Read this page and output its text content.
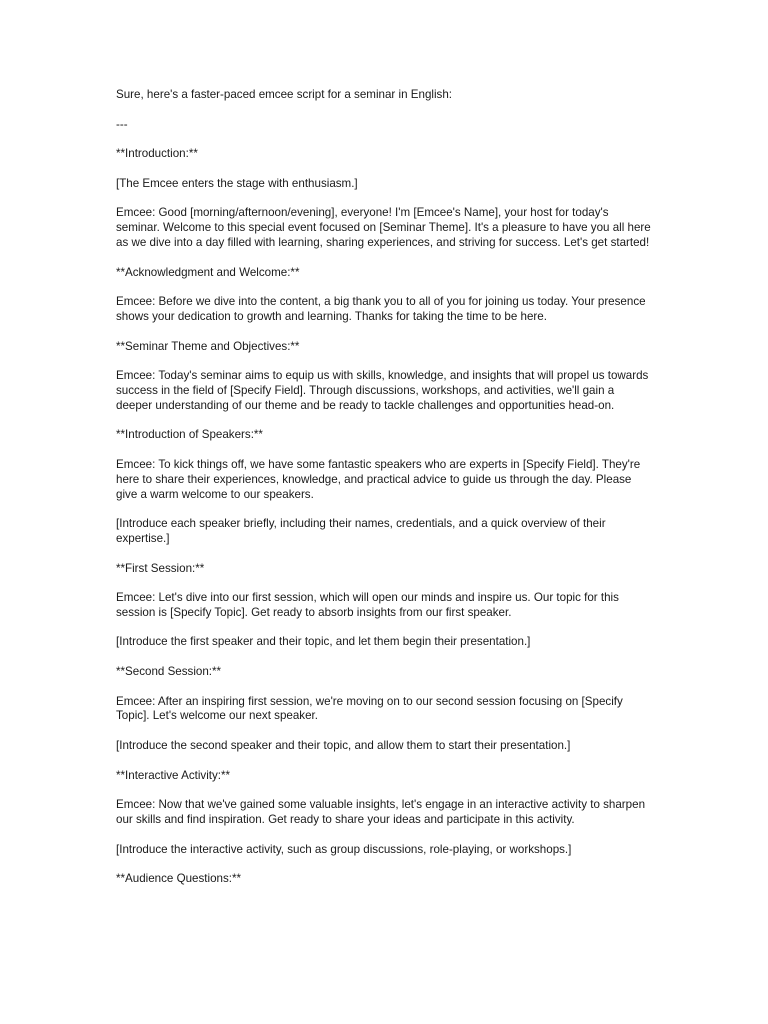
Sure, here's a faster-paced emcee script for a seminar in English:

---

**Introduction:**

[The Emcee enters the stage with enthusiasm.]

Emcee: Good [morning/afternoon/evening], everyone! I'm [Emcee's Name], your host for today's seminar. Welcome to this special event focused on [Seminar Theme]. It's a pleasure to have you all here as we dive into a day filled with learning, sharing experiences, and striving for success. Let's get started!

**Acknowledgment and Welcome:**

Emcee: Before we dive into the content, a big thank you to all of you for joining us today. Your presence shows your dedication to growth and learning. Thanks for taking the time to be here.

**Seminar Theme and Objectives:**

Emcee: Today's seminar aims to equip us with skills, knowledge, and insights that will propel us towards success in the field of [Specify Field]. Through discussions, workshops, and activities, we'll gain a deeper understanding of our theme and be ready to tackle challenges and opportunities head-on.

**Introduction of Speakers:**

Emcee: To kick things off, we have some fantastic speakers who are experts in [Specify Field]. They're here to share their experiences, knowledge, and practical advice to guide us through the day. Please give a warm welcome to our speakers.

[Introduce each speaker briefly, including their names, credentials, and a quick overview of their expertise.]

**First Session:**

Emcee: Let's dive into our first session, which will open our minds and inspire us. Our topic for this session is [Specify Topic]. Get ready to absorb insights from our first speaker.

[Introduce the first speaker and their topic, and let them begin their presentation.]

**Second Session:**

Emcee: After an inspiring first session, we're moving on to our second session focusing on [Specify Topic]. Let's welcome our next speaker.

[Introduce the second speaker and their topic, and allow them to start their presentation.]

**Interactive Activity:**

Emcee: Now that we've gained some valuable insights, let's engage in an interactive activity to sharpen our skills and find inspiration. Get ready to share your ideas and participate in this activity.

[Introduce the interactive activity, such as group discussions, role-playing, or workshops.]

**Audience Questions:**
